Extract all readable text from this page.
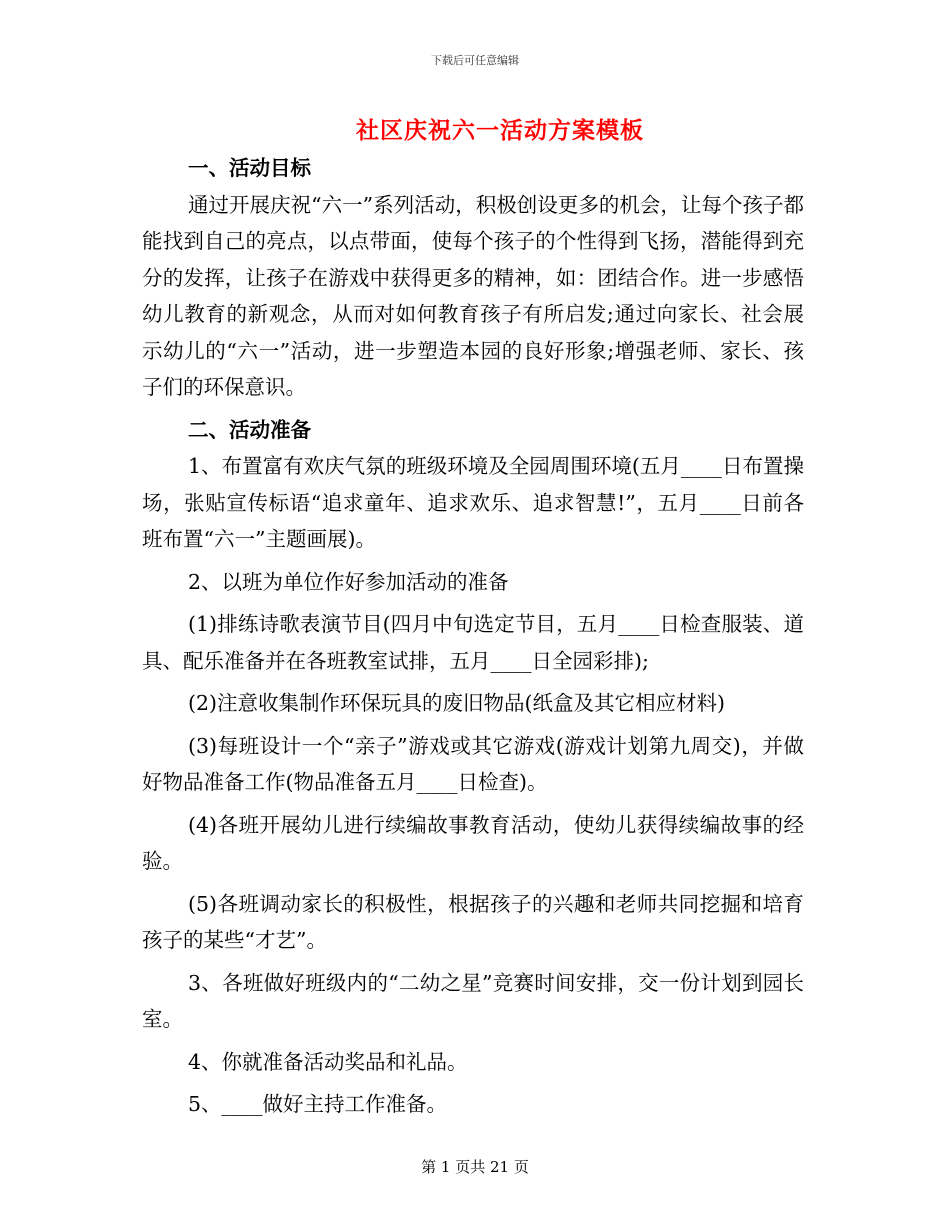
下载后可任意编辑
社区庆祝六一活动方案模板
一、活动目标
通过开展庆祝“六一”系列活动，积极创设更多的机会，让每个孩子都能找到自己的亮点，以点带面，使每个孩子的个性得到飞扬，潜能得到充分的发挥，让孩子在游戏中获得更多的精神，如：团结合作。进一步感悟幼儿教育的新观念，从而对如何教育孩子有所启发;通过向家长、社会展示幼儿的“六一”活动，进一步塑造本园的良好形象;增强老师、家长、孩子们的环保意识。
二、活动准备
1、布置富有欢庆气氛的班级环境及全园周围环境(五月____日布置操场，张贴宣传标语“追求童年、追求欢乐、追求智慧!”，五月____日前各班布置“六一”主题画展)。
2、以班为单位作好参加活动的准备
(1)排练诗歌表演节目(四月中旬选定节目，五月____日检查服装、道具、配乐准备并在各班教室试排，五月____日全园彩排);
(2)注意收集制作环保玩具的废旧物品(纸盒及其它相应材料)
(3)每班设计一个“亲子”游戏或其它游戏(游戏计划第九周交)，并做好物品准备工作(物品准备五月____日检查)。
(4)各班开展幼儿进行续编故事教育活动，使幼儿获得续编故事的经验。
(5)各班调动家长的积极性，根据孩子的兴趣和老师共同挖掘和培育孩子的某些“才艺”。
3、各班做好班级内的“二幼之星”竞赛时间安排，交一份计划到园长室。
4、你就准备活动奖品和礼品。
5、____做好主持工作准备。
第 1 页共 21 页
